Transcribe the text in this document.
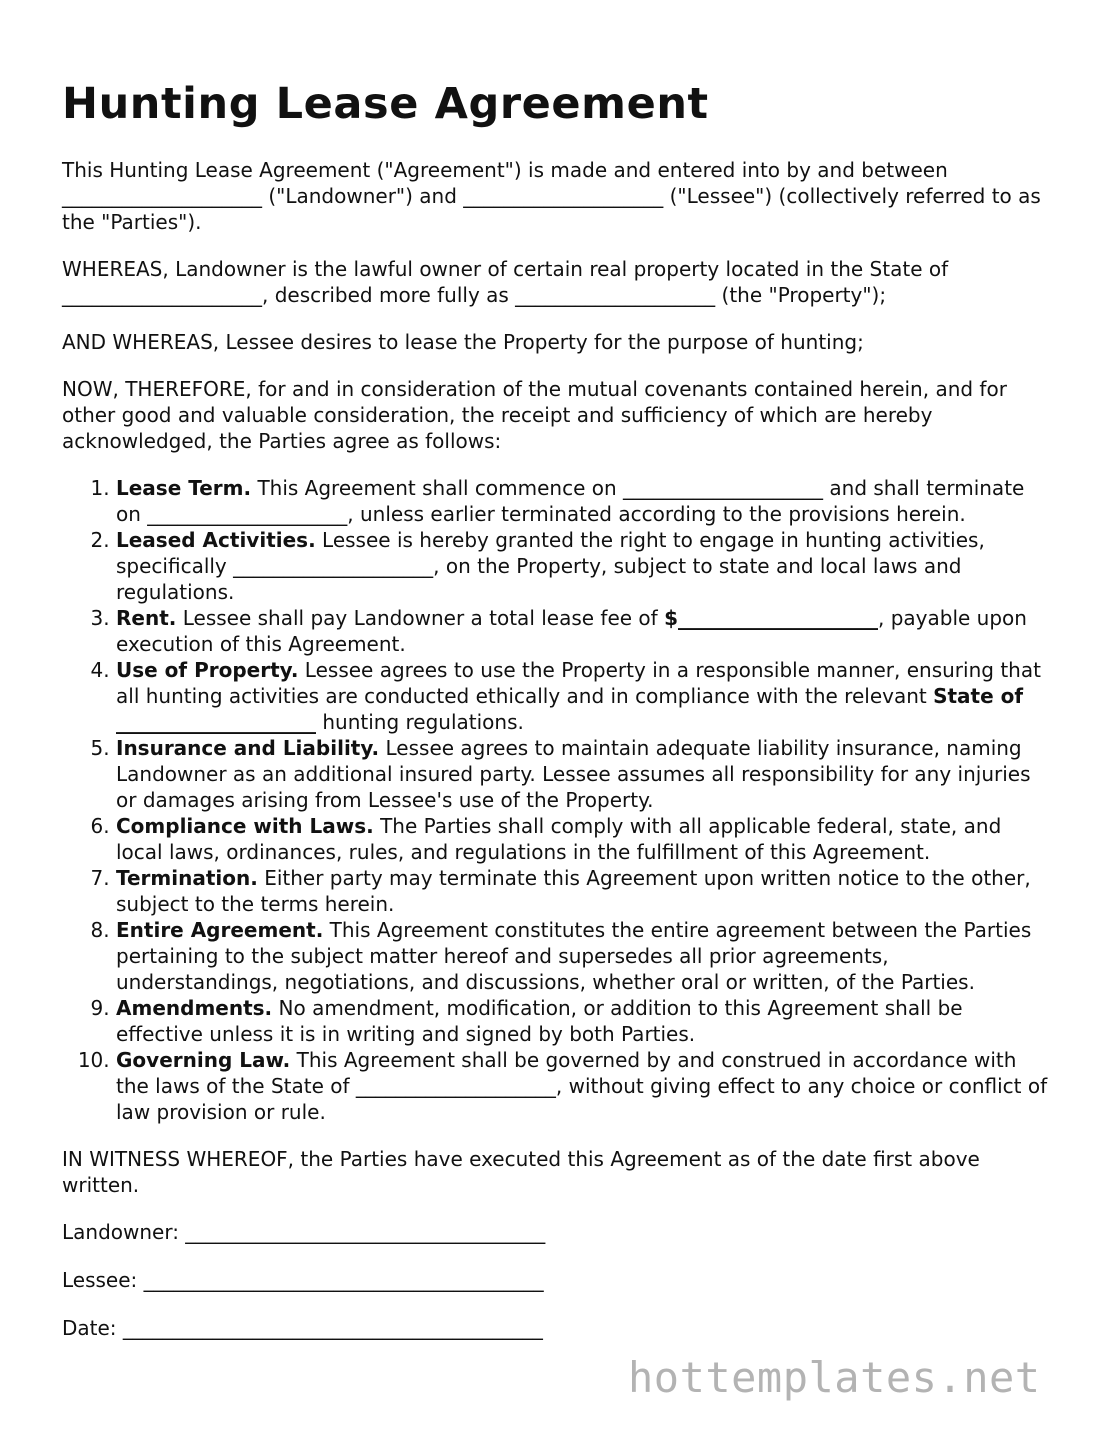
Hunting Lease Agreement

This Hunting Lease Agreement ("Agreement") is made and entered into by and between ____________________ ("Landowner") and ____________________ ("Lessee") (collectively referred to as the "Parties").

WHEREAS, Landowner is the lawful owner of certain real property located in the State of ____________________, described more fully as ____________________ (the "Property");

AND WHEREAS, Lessee desires to lease the Property for the purpose of hunting;

NOW, THEREFORE, for and in consideration of the mutual covenants contained herein, and for other good and valuable consideration, the receipt and sufficiency of which are hereby acknowledged, the Parties agree as follows:

1. Lease Term. This Agreement shall commence on ____________________ and shall terminate on ____________________, unless earlier terminated according to the provisions herein.
2. Leased Activities. Lessee is hereby granted the right to engage in hunting activities, specifically ____________________, on the Property, subject to state and local laws and regulations.
3. Rent. Lessee shall pay Landowner a total lease fee of $____________________, payable upon execution of this Agreement.
4. Use of Property. Lessee agrees to use the Property in a responsible manner, ensuring that all hunting activities are conducted ethically and in compliance with the relevant State of ____________________ hunting regulations.
5. Insurance and Liability. Lessee agrees to maintain adequate liability insurance, naming Landowner as an additional insured party. Lessee assumes all responsibility for any injuries or damages arising from Lessee's use of the Property.
6. Compliance with Laws. The Parties shall comply with all applicable federal, state, and local laws, ordinances, rules, and regulations in the fulfillment of this Agreement.
7. Termination. Either party may terminate this Agreement upon written notice to the other, subject to the terms herein.
8. Entire Agreement. This Agreement constitutes the entire agreement between the Parties pertaining to the subject matter hereof and supersedes all prior agreements, understandings, negotiations, and discussions, whether oral or written, of the Parties.
9. Amendments. No amendment, modification, or addition to this Agreement shall be effective unless it is in writing and signed by both Parties.
10. Governing Law. This Agreement shall be governed by and construed in accordance with the laws of the State of ____________________, without giving effect to any choice or conflict of law provision or rule.

IN WITNESS WHEREOF, the Parties have executed this Agreement as of the date first above written.

Landowner: ____________________________________

Lessee: ________________________________________

Date: __________________________________________

hottemplates.net
